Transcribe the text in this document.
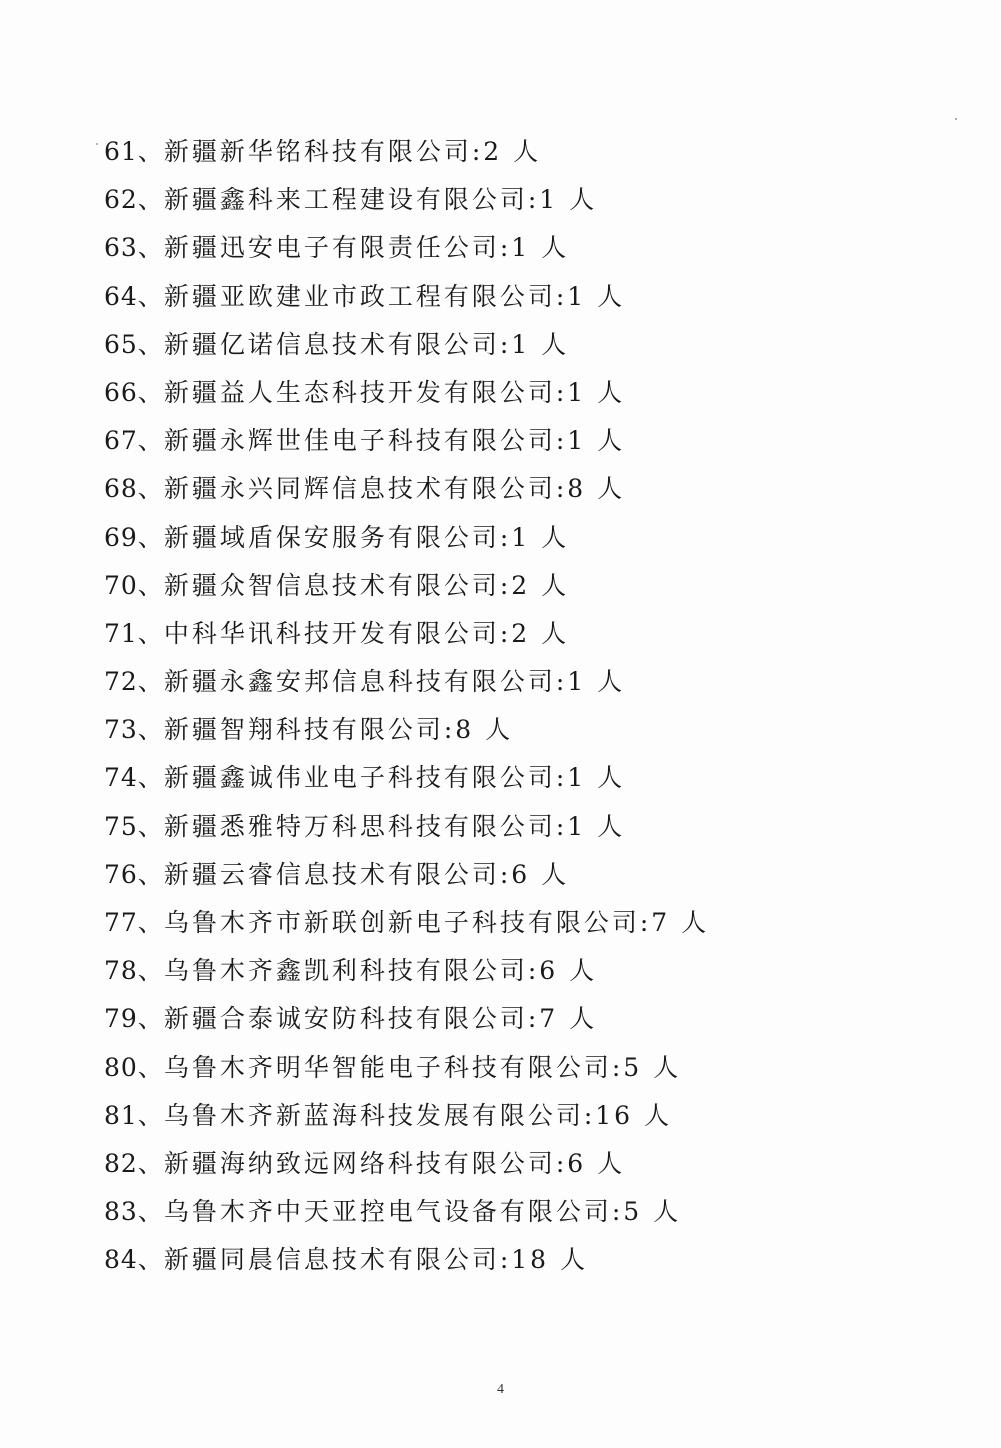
61、新疆新华铭科技有限公司:2 人
62、新疆鑫科来工程建设有限公司:1 人
63、新疆迅安电子有限责任公司:1 人
64、新疆亚欧建业市政工程有限公司:1 人
65、新疆亿诺信息技术有限公司:1 人
66、新疆益人生态科技开发有限公司:1 人
67、新疆永辉世佳电子科技有限公司:1 人
68、新疆永兴同辉信息技术有限公司:8 人
69、新疆域盾保安服务有限公司:1 人
70、新疆众智信息技术有限公司:2 人
71、中科华讯科技开发有限公司:2 人
72、新疆永鑫安邦信息科技有限公司:1 人
73、新疆智翔科技有限公司:8 人
74、新疆鑫诚伟业电子科技有限公司:1 人
75、新疆悉雅特万科思科技有限公司:1 人
76、新疆云睿信息技术有限公司:6 人
77、乌鲁木齐市新联创新电子科技有限公司:7 人
78、乌鲁木齐鑫凯利科技有限公司:6 人
79、新疆合泰诚安防科技有限公司:7 人
80、乌鲁木齐明华智能电子科技有限公司:5 人
81、乌鲁木齐新蓝海科技发展有限公司:16 人
82、新疆海纳致远网络科技有限公司:6 人
83、乌鲁木齐中天亚控电气设备有限公司:5 人
84、新疆同晨信息技术有限公司:18 人
4
